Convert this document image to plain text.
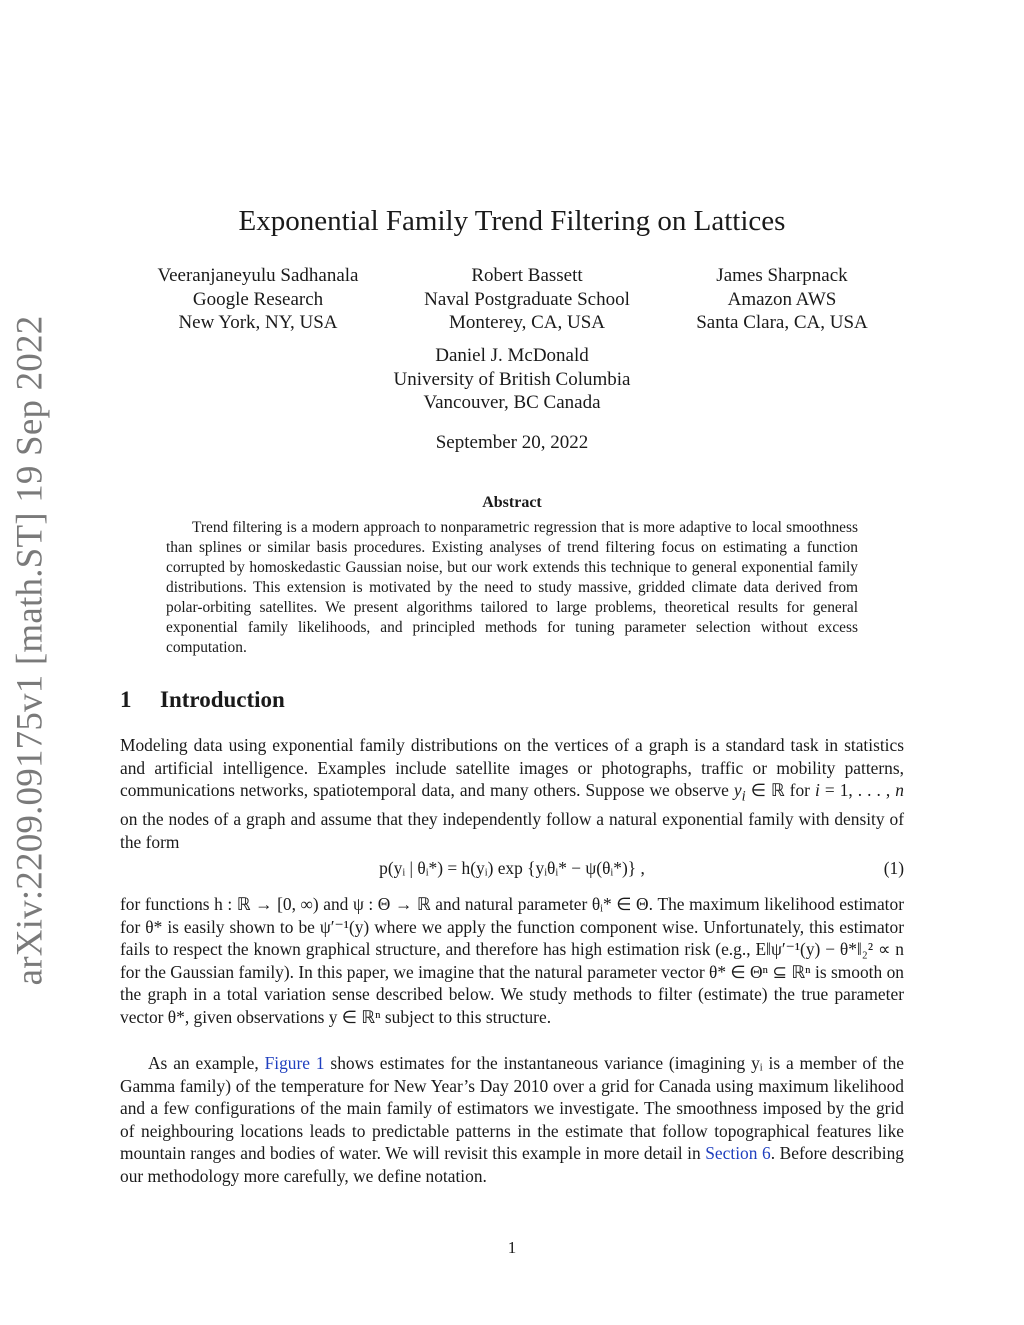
arXiv:2209.09175v1 [math.ST] 19 Sep 2022
Exponential Family Trend Filtering on Lattices
Veeranjaneyulu Sadhanala
Google Research
New York, NY, USA
Robert Bassett
Naval Postgraduate School
Monterey, CA, USA
James Sharpnack
Amazon AWS
Santa Clara, CA, USA
Daniel J. McDonald
University of British Columbia
Vancouver, BC Canada
September 20, 2022
Abstract

Trend filtering is a modern approach to nonparametric regression that is more adaptive to local smoothness than splines or similar basis procedures. Existing analyses of trend filtering focus on estimating a function corrupted by homoskedastic Gaussian noise, but our work extends this technique to general exponential family distributions. This extension is motivated by the need to study massive, gridded climate data derived from polar-orbiting satellites. We present algorithms tailored to large problems, theoretical results for general exponential family likelihoods, and principled methods for tuning parameter selection without excess computation.

1 Introduction

Modeling data using exponential family distributions on the vertices of a graph is a standard task in statistics and artificial intelligence. Examples include satellite images or photographs, traffic or mobility patterns, communications networks, spatiotemporal data, and many others. Suppose we observe $y_i$ ∈ ℝ for i = 1, . . . , n on the nodes of a graph and assume that they independently follow a natural exponential family with density of the form

p(yᵢ | θᵢ*) = h(yᵢ) exp {yᵢθᵢ* − ψ(θᵢ*)} ,	(1)

for functions h : ℝ → [0, ∞) and ψ : Θ → ℝ and natural parameter θᵢ* ∈ Θ. The maximum likelihood estimator for θ* is easily shown to be ψ′⁻¹(y) where we apply the function component wise. Unfortunately, this estimator fails to respect the known graphical structure, and therefore has high estimation risk (e.g., E‖ψ′⁻¹(y) − θ*‖₂² ∝ n for the Gaussian family). In this paper, we imagine that the natural parameter vector θ* ∈ Θⁿ ⊆ ℝⁿ is smooth on the graph in a total variation sense described below. We study methods to filter (estimate) the true parameter vector θ*, given observations y ∈ ℝⁿ subject to this structure.

As an example, Figure 1 shows estimates for the instantaneous variance (imagining yᵢ is a member of the Gamma family) of the temperature for New Year’s Day 2010 over a grid for Canada using maximum likelihood and a few configurations of the main family of estimators we investigate. The smoothness imposed by the grid of neighbouring locations leads to predictable patterns in the estimate that follow topographical features like mountain ranges and bodies of water. We will revisit this example in more detail in Section 6. Before describing our methodology more carefully, we define notation.

1
